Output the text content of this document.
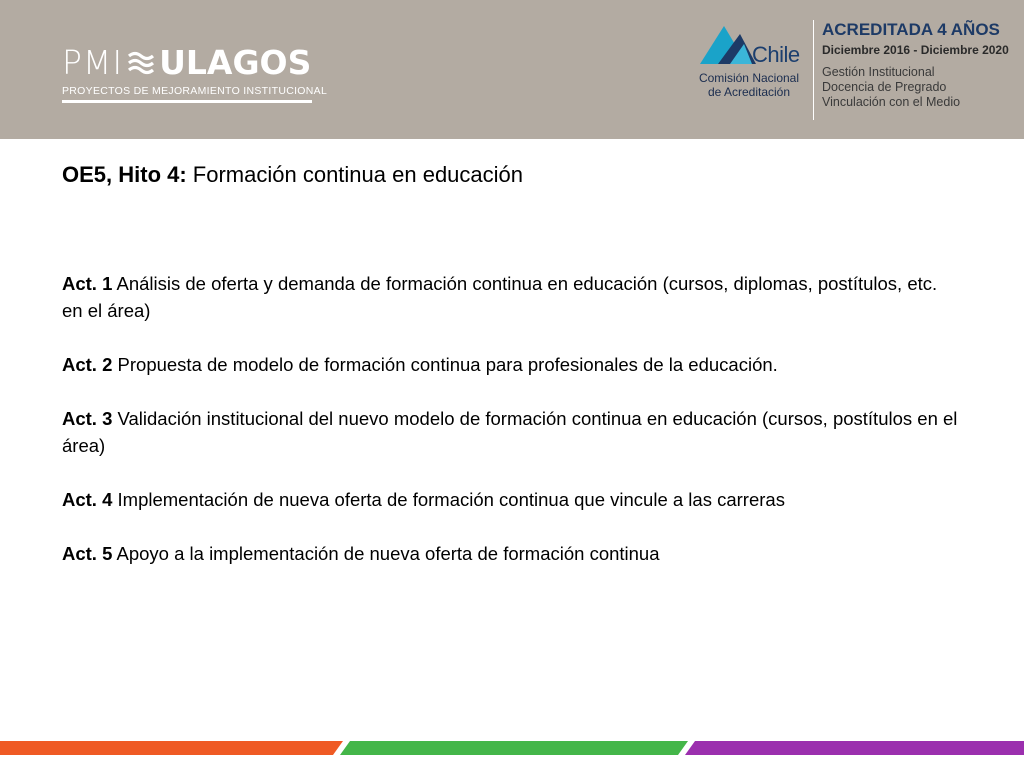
PMI ULAGOS
PROYECTOS DE MEJORAMIENTO INSTITUCIONAL
Chile
Comisión Nacional
de Acreditación
ACREDITADA 4 AÑOS
Diciembre 2016 - Diciembre 2020
Gestión Institucional
Docencia de Pregrado
Vinculación con el Medio
OE5, Hito 4: Formación continua en educación

Act. 1 Análisis de oferta y demanda de formación continua en educación (cursos, diplomas, postítulos, etc. en el área)

Act. 2 Propuesta de modelo de formación continua para profesionales de la educación.

Act. 3 Validación institucional del nuevo modelo de formación continua en educación (cursos, postítulos en el área)

Act. 4 Implementación de nueva oferta de formación continua que vincule a las carreras

Act. 5 Apoyo a la implementación de nueva oferta de formación continua
